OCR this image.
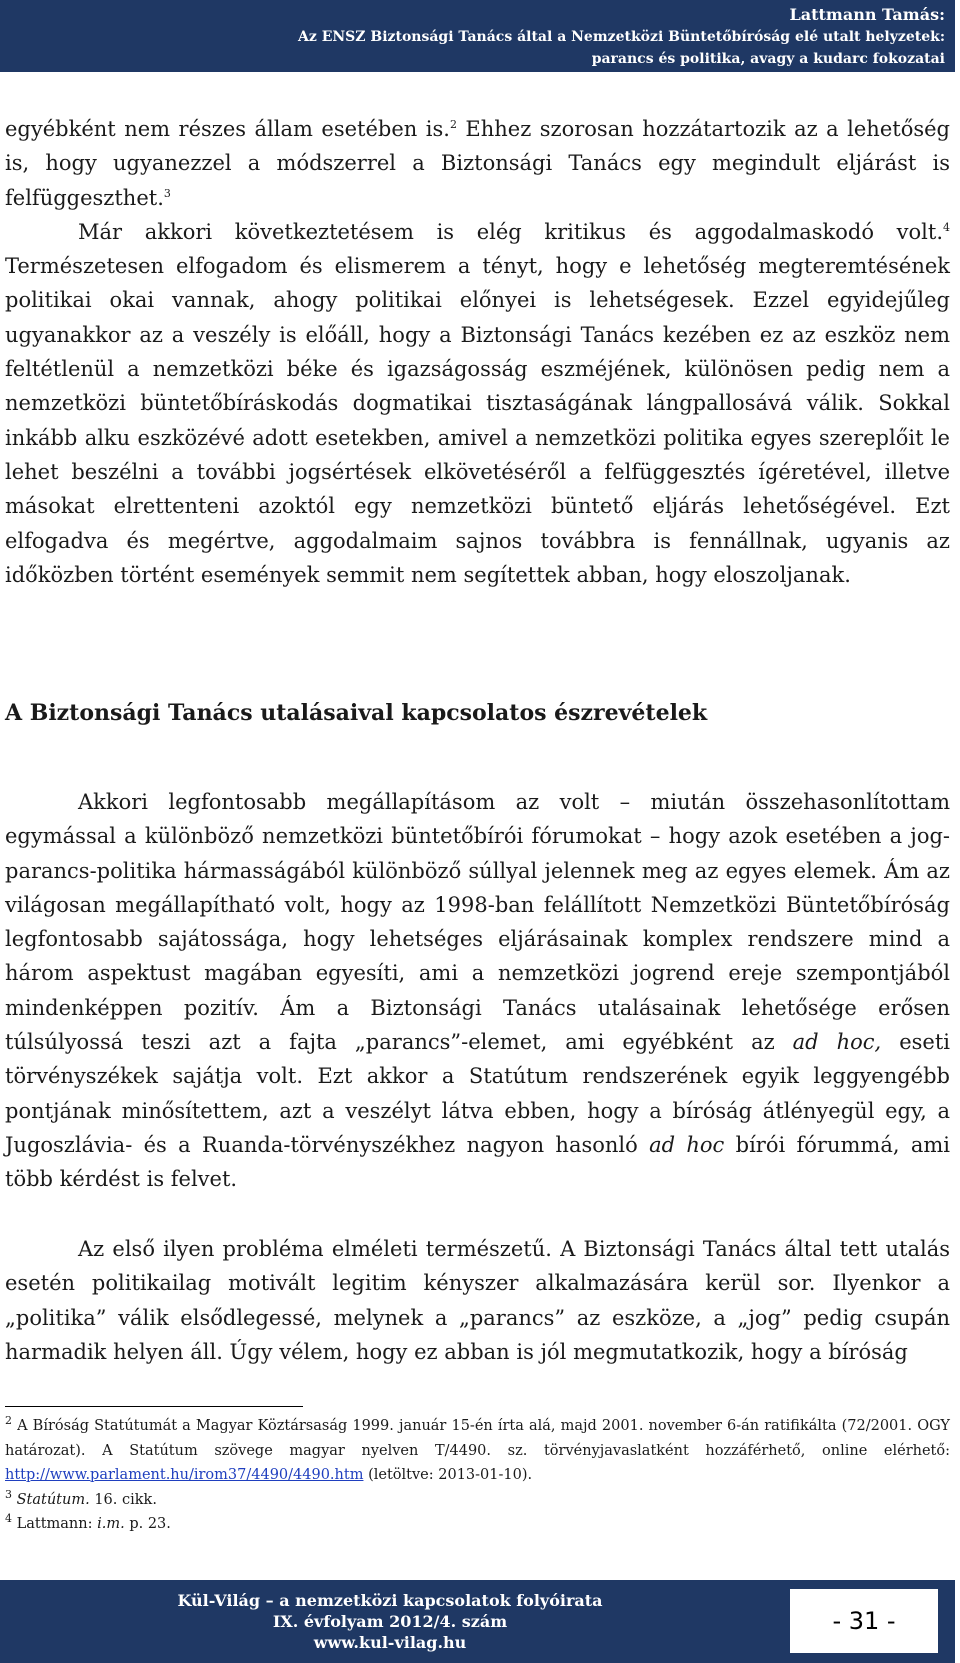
Lattmann Tamás:
Az ENSZ Biztonsági Tanács által a Nemzetközi Büntetőbíróság elé utalt helyzetek:
parancs és politika, avagy a kudarc fokozatai

egyébként nem részes állam esetében is.$^2$ Ehhez szorosan hozzátartozik az a lehetőség is, hogy ugyanezzel a módszerrel a Biztonsági Tanács egy megindult eljárást is felfüggeszthet.$^3$

Már akkori következtetésem is elég kritikus és aggodalmaskodó volt.$^4$ Természetesen elfogadom és elismerem a tényt, hogy e lehetőség megteremtésének politikai okai vannak, ahogy politikai előnyei is lehetségesek. Ezzel egyidejűleg ugyanakkor az a veszély is előáll, hogy a Biztonsági Tanács kezében ez az eszköz nem feltétlenül a nemzetközi béke és igazságosság eszméjének, különösen pedig nem a nemzetközi büntetőbíráskodás dogmatikai tisztaságának lángpallosává válik. Sokkal inkább alku eszközévé adott esetekben, amivel a nemzetközi politika egyes szereplőit le lehet beszélni a további jogsértések elkövetéséről a felfüggesztés ígéretével, illetve másokat elrettenteni azoktól egy nemzetközi büntető eljárás lehetőségével. Ezt elfogadva és megértve, aggodalmaim sajnos továbbra is fennállnak, ugyanis az időközben történt események semmit nem segítettek abban, hogy eloszoljanak.

A Biztonsági Tanács utalásaival kapcsolatos észrevételek

Akkori legfontosabb megállapításom az volt – miután összehasonlítottam egymással a különböző nemzetközi büntetőbírói fórumokat – hogy azok esetében a jog-parancs-politika hármasságából különböző súllyal jelennek meg az egyes elemek. Ám az világosan megállapítható volt, hogy az 1998-ban felállított Nemzetközi Büntetőbíróság legfontosabb sajátossága, hogy lehetséges eljárásainak komplex rendszere mind a három aspektust magában egyesíti, ami a nemzetközi jogrend ereje szempontjából mindenképpen pozitív. Ám a Biztonsági Tanács utalásainak lehetősége erősen túlsúlyossá teszi azt a fajta „parancs”-elemet, ami egyébként az ad hoc, eseti törvényszékek sajátja volt. Ezt akkor a Statútum rendszerének egyik leggyengébb pontjának minősítettem, azt a veszélyt látva ebben, hogy a bíróság átlényegül egy, a Jugoszlávia- és a Ruanda-törvényszékhez nagyon hasonló ad hoc bírói fórummá, ami több kérdést is felvet.

Az első ilyen probléma elméleti természetű. A Biztonsági Tanács által tett utalás esetén politikailag motivált legitim kényszer alkalmazására kerül sor. Ilyenkor a „politika” válik elsődlegessé, melynek a „parancs” az eszköze, a „jog” pedig csupán harmadik helyen áll. Úgy vélem, hogy ez abban is jól megmutatkozik, hogy a bíróság

$^2$ A Bíróság Statútumát a Magyar Köztársaság 1999. január 15-én írta alá, majd 2001. november 6-án ratifikálta (72/2001. OGY határozat). A Statútum szövege magyar nyelven T/4490. sz. törvényjavaslatként hozzáférhető, online elérhető: http://www.parlament.hu/irom37/4490/4490.htm (letöltve: 2013-01-10).

$^3$ Statútum. 16. cikk.

$^4$ Lattmann: i.m. p. 23.

Kül-Világ – a nemzetközi kapcsolatok folyóirata
IX. évfolyam 2012/4. szám
www.kul-vilag.hu
- 31 -
